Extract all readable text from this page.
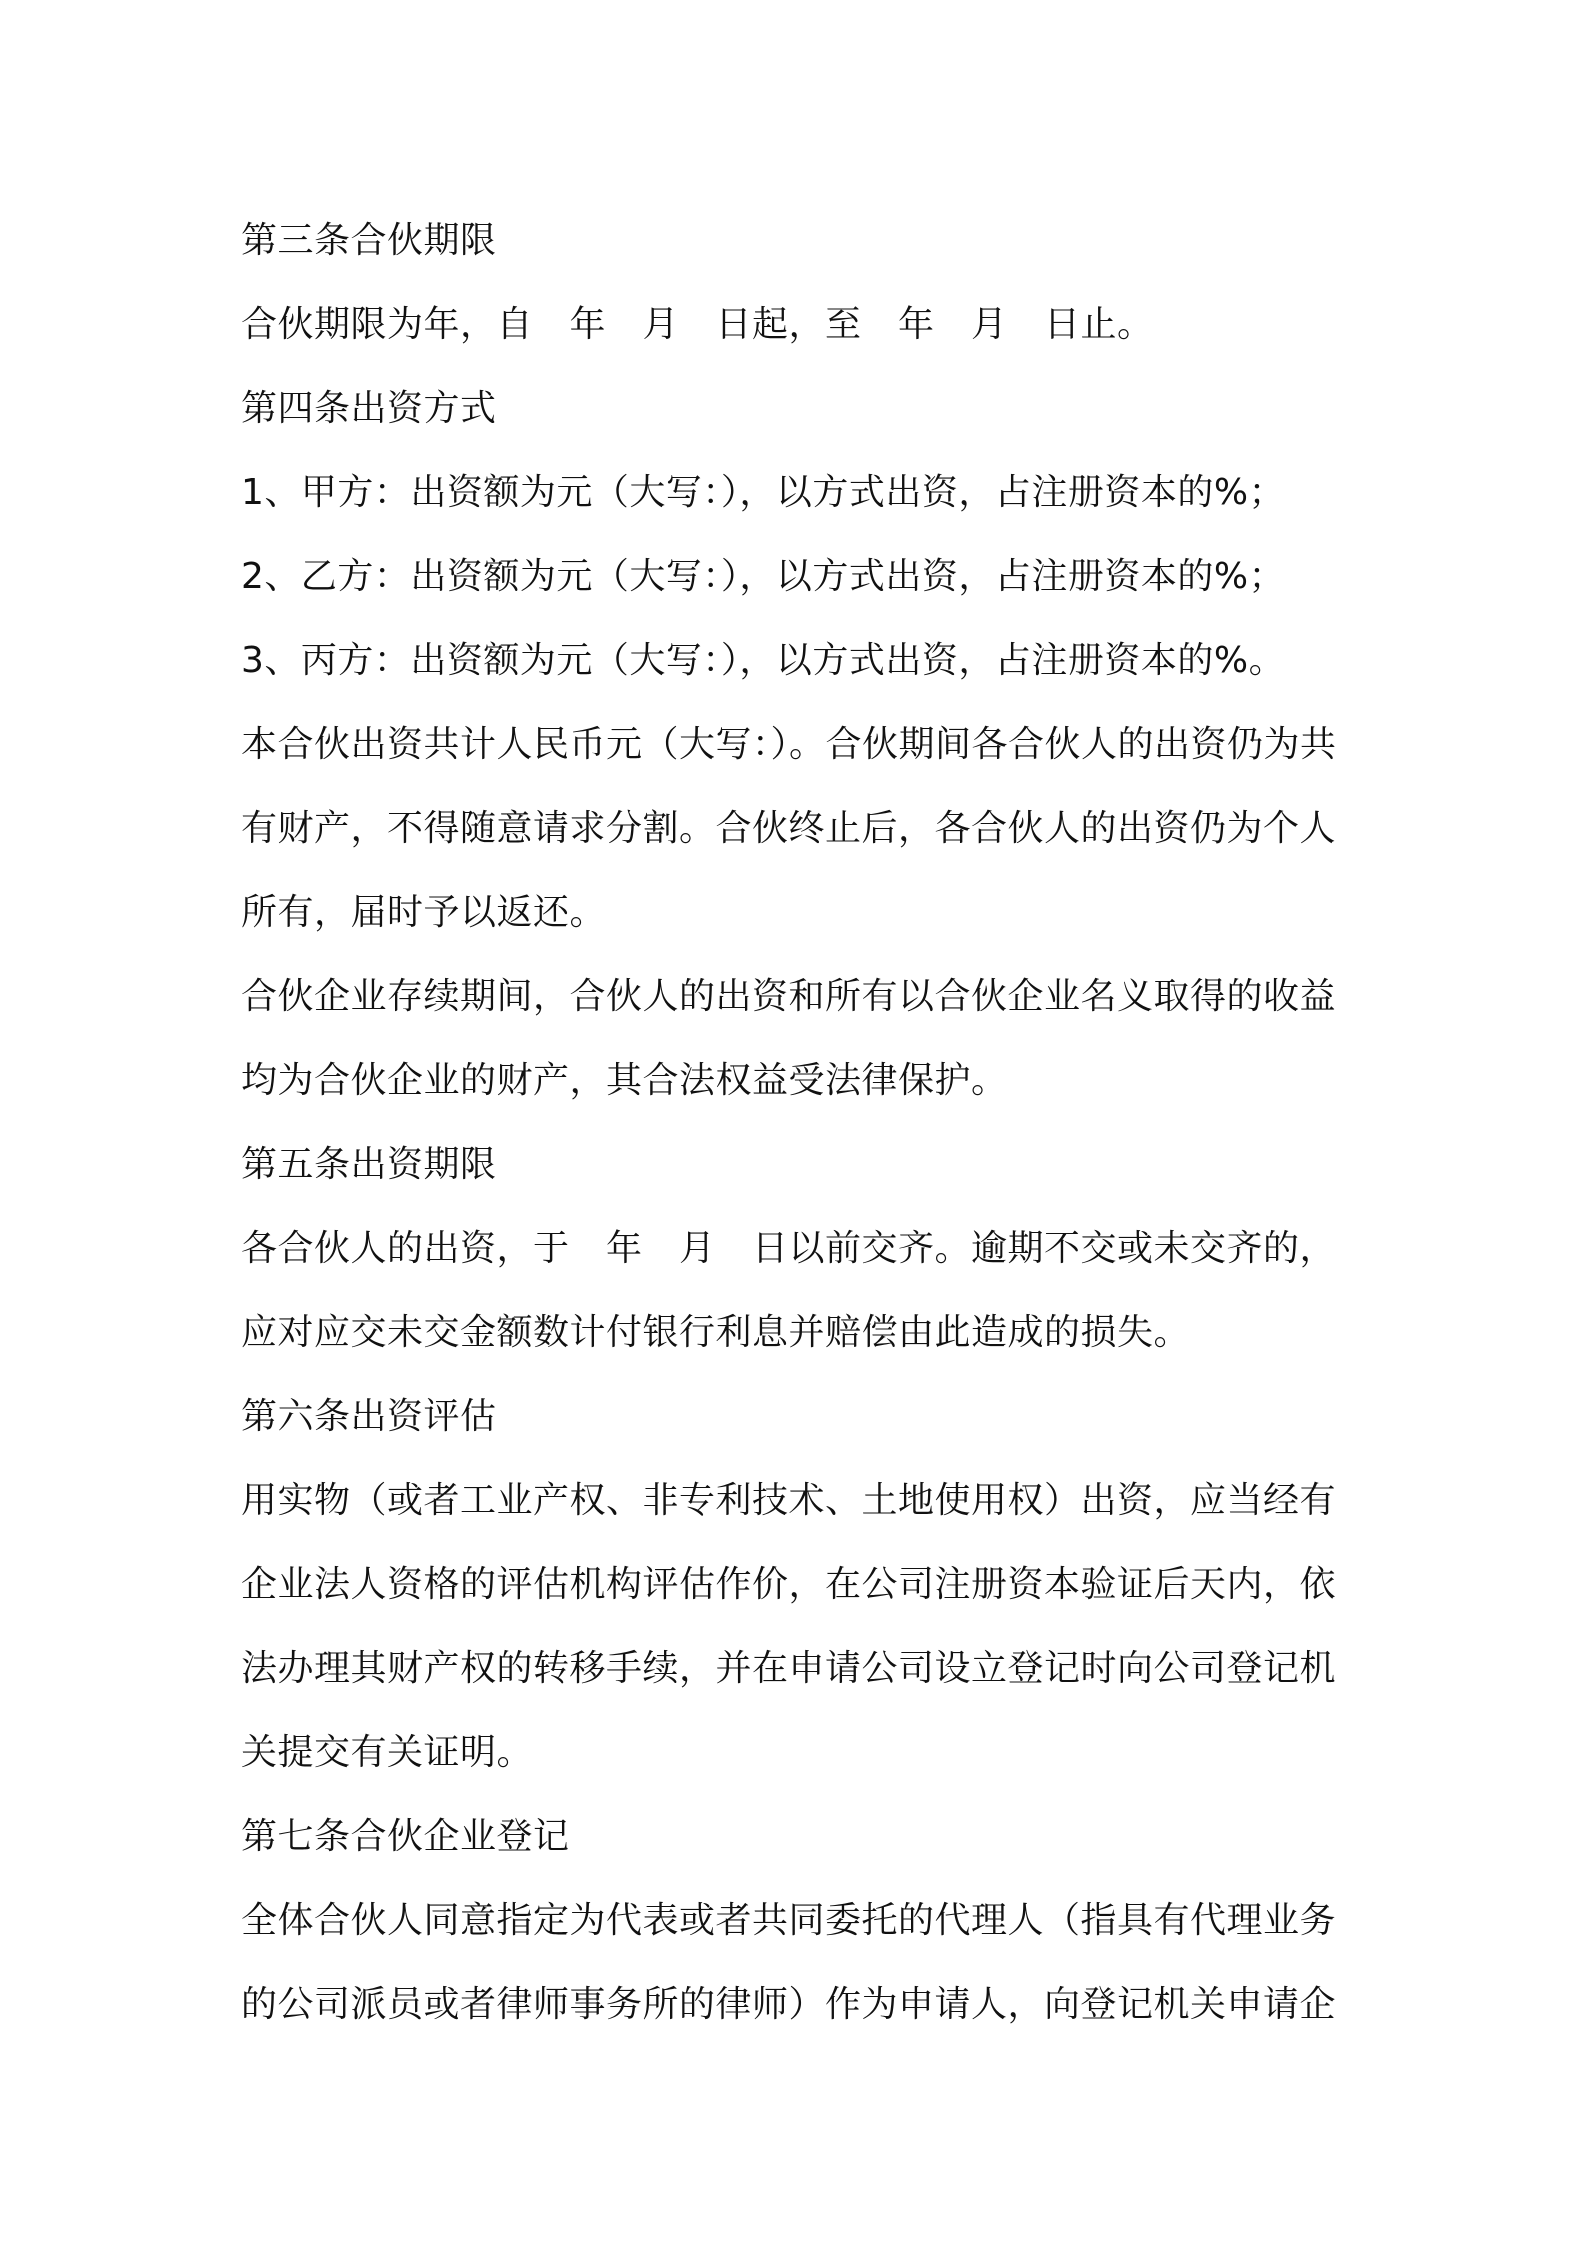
第三条合伙期限
合伙期限为年，自　年　月　日起，至　年　月　日止。
第四条出资方式
1、甲方：出资额为元（大写：），以方式出资，占注册资本的%；
2、乙方：出资额为元（大写：），以方式出资，占注册资本的%；
3、丙方：出资额为元（大写：），以方式出资，占注册资本的%。
本合伙出资共计人民币元（大写：）。合伙期间各合伙人的出资仍为共
有财产，不得随意请求分割。合伙终止后，各合伙人的出资仍为个人
所有，届时予以返还。
合伙企业存续期间，合伙人的出资和所有以合伙企业名义取得的收益
均为合伙企业的财产，其合法权益受法律保护。
第五条出资期限
各合伙人的出资，于　年　月　日以前交齐。逾期不交或未交齐的，
应对应交未交金额数计付银行利息并赔偿由此造成的损失。
第六条出资评估
用实物（或者工业产权、非专利技术、土地使用权）出资，应当经有
企业法人资格的评估机构评估作价，在公司注册资本验证后天内，依
法办理其财产权的转移手续，并在申请公司设立登记时向公司登记机
关提交有关证明。
第七条合伙企业登记
全体合伙人同意指定为代表或者共同委托的代理人（指具有代理业务
的公司派员或者律师事务所的律师）作为申请人，向登记机关申请企
